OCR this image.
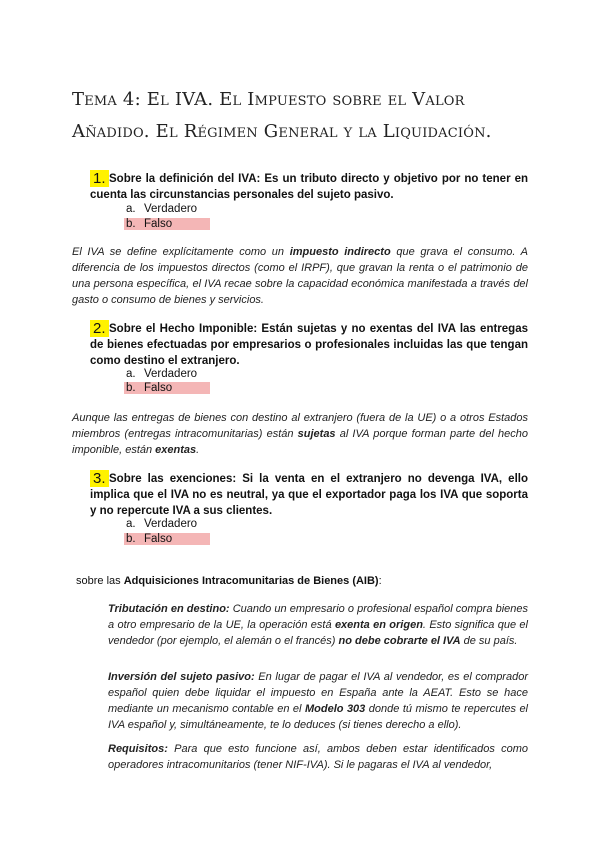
Tema 4: El IVA. El Impuesto sobre el Valor Añadido. El Régimen General y la Liquidación.
1. Sobre la definición del IVA: Es un tributo directo y objetivo por no tener en cuenta las circunstancias personales del sujeto pasivo.
a. Verdadero
b. Falso
El IVA se define explícitamente como un impuesto indirecto que grava el consumo. A diferencia de los impuestos directos (como el IRPF), que gravan la renta o el patrimonio de una persona específica, el IVA recae sobre la capacidad económica manifestada a través del gasto o consumo de bienes y servicios.
2. Sobre el Hecho Imponible: Están sujetas y no exentas del IVA las entregas de bienes efectuadas por empresarios o profesionales incluidas las que tengan como destino el extranjero.
a. Verdadero
b. Falso
Aunque las entregas de bienes con destino al extranjero (fuera de la UE) o a otros Estados miembros (entregas intracomunitarias) están sujetas al IVA porque forman parte del hecho imponible, están exentas.
3. Sobre las exenciones: Si la venta en el extranjero no devenga IVA, ello implica que el IVA no es neutral, ya que el exportador paga los IVA que soporta y no repercute IVA a sus clientes.
a. Verdadero
b. Falso
sobre las Adquisiciones Intracomunitarias de Bienes (AIB):
Tributación en destino: Cuando un empresario o profesional español compra bienes a otro empresario de la UE, la operación está exenta en origen. Esto significa que el vendedor (por ejemplo, el alemán o el francés) no debe cobrarte el IVA de su país.
Inversión del sujeto pasivo: En lugar de pagar el IVA al vendedor, es el comprador español quien debe liquidar el impuesto en España ante la AEAT. Esto se hace mediante un mecanismo contable en el Modelo 303 donde tú mismo te repercutes el IVA español y, simultáneamente, te lo deduces (si tienes derecho a ello).
Requisitos: Para que esto funcione así, ambos deben estar identificados como operadores intracomunitarios (tener NIF-IVA). Si le pagaras el IVA al vendedor,
